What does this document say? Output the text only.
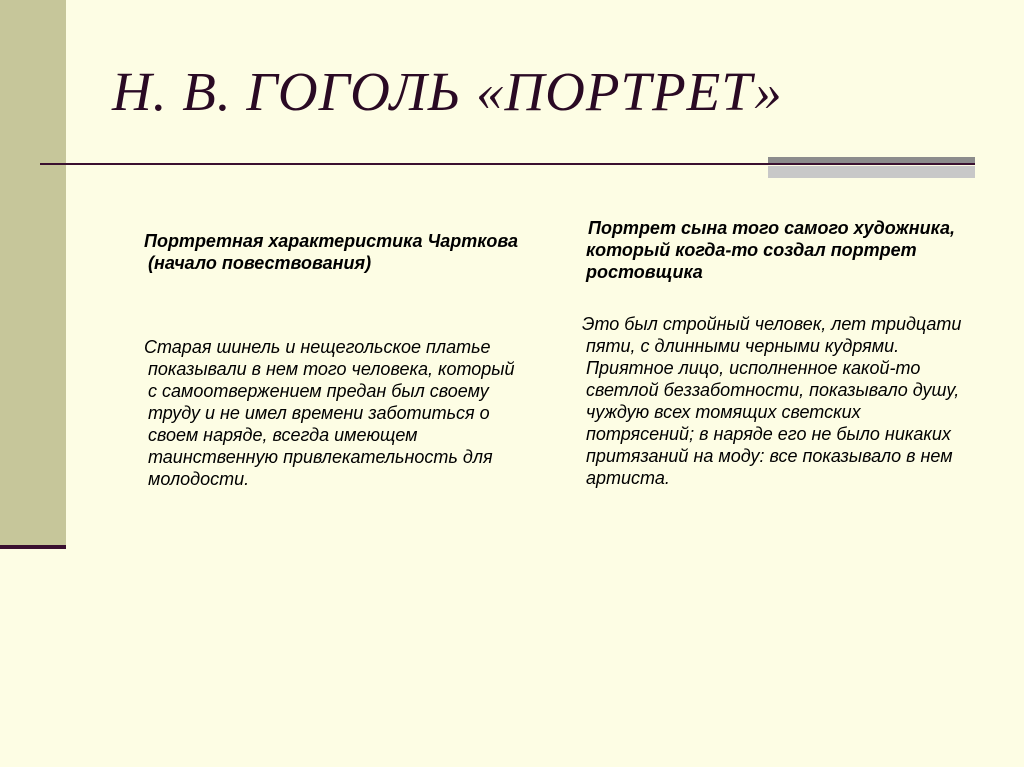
Н. В. ГОГОЛЬ «ПОРТРЕТ»

Портретная характеристика Чарткова (начало повествования)

Старая шинель и нещегольское платье показывали в нем того человека, который с самоотвержением предан был своему труду и не имел времени заботиться о своем наряде, всегда имеющем таинственную привлекательность для молодости.

Портрет сына того самого художника, который когда-то создал портрет ростовщика

Это был стройный человек, лет тридцати пяти, с длинными черными кудрями. Приятное лицо, исполненное какой-то светлой беззаботности, показывало душу, чуждую всех томящих светских потрясений; в наряде его не было никаких притязаний на моду: все показывало в нем артиста.
